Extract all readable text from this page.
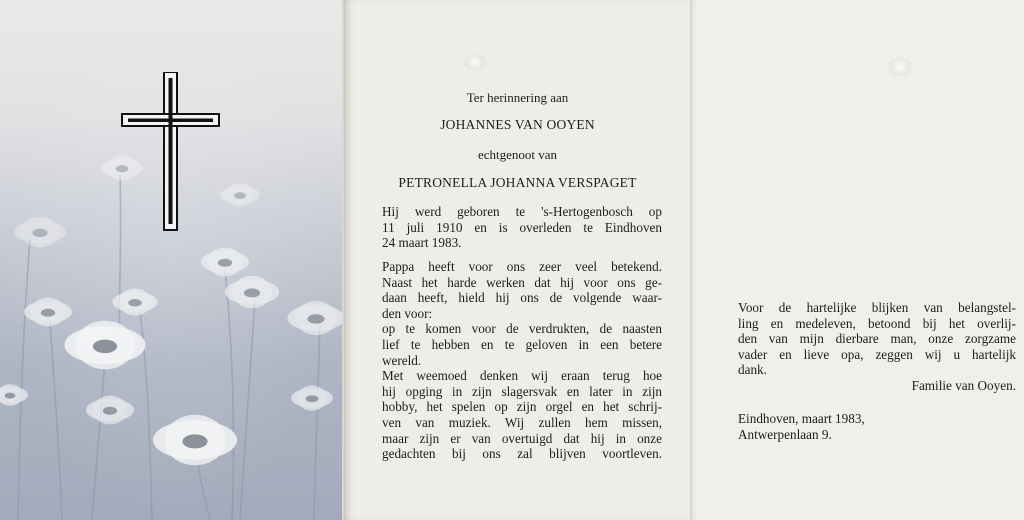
Ter herinnering aan
JOHANNES VAN OOYEN
echtgenoot van
PETRONELLA JOHANNA VERSPAGET
Hij werd geboren te 's-Hertogenbosch op
11 juli 1910 en is overleden te Eindhoven
24 maart 1983.
Pappa heeft voor ons zeer veel betekend.
Naast het harde werken dat hij voor ons ge-
daan heeft, hield hij ons de volgende waar-
den voor:
op te komen voor de verdrukten, de naasten
lief te hebben en te geloven in een betere
wereld.
Met weemoed denken wij eraan terug hoe
hij opging in zijn slagersvak en later in zijn
hobby, het spelen op zijn orgel en het schrij-
ven van muziek. Wij zullen hem missen,
maar zijn er van overtuigd dat hij in onze
gedachten bij ons zal blijven voortleven.
Voor de hartelijke blijken van belangstel-
ling en medeleven, betoond bij het overlij-
den van mijn dierbare man, onze zorgzame
vader en lieve opa, zeggen wij u hartelijk
dank.
Familie van Ooyen.
Eindhoven, maart 1983,
Antwerpenlaan 9.
